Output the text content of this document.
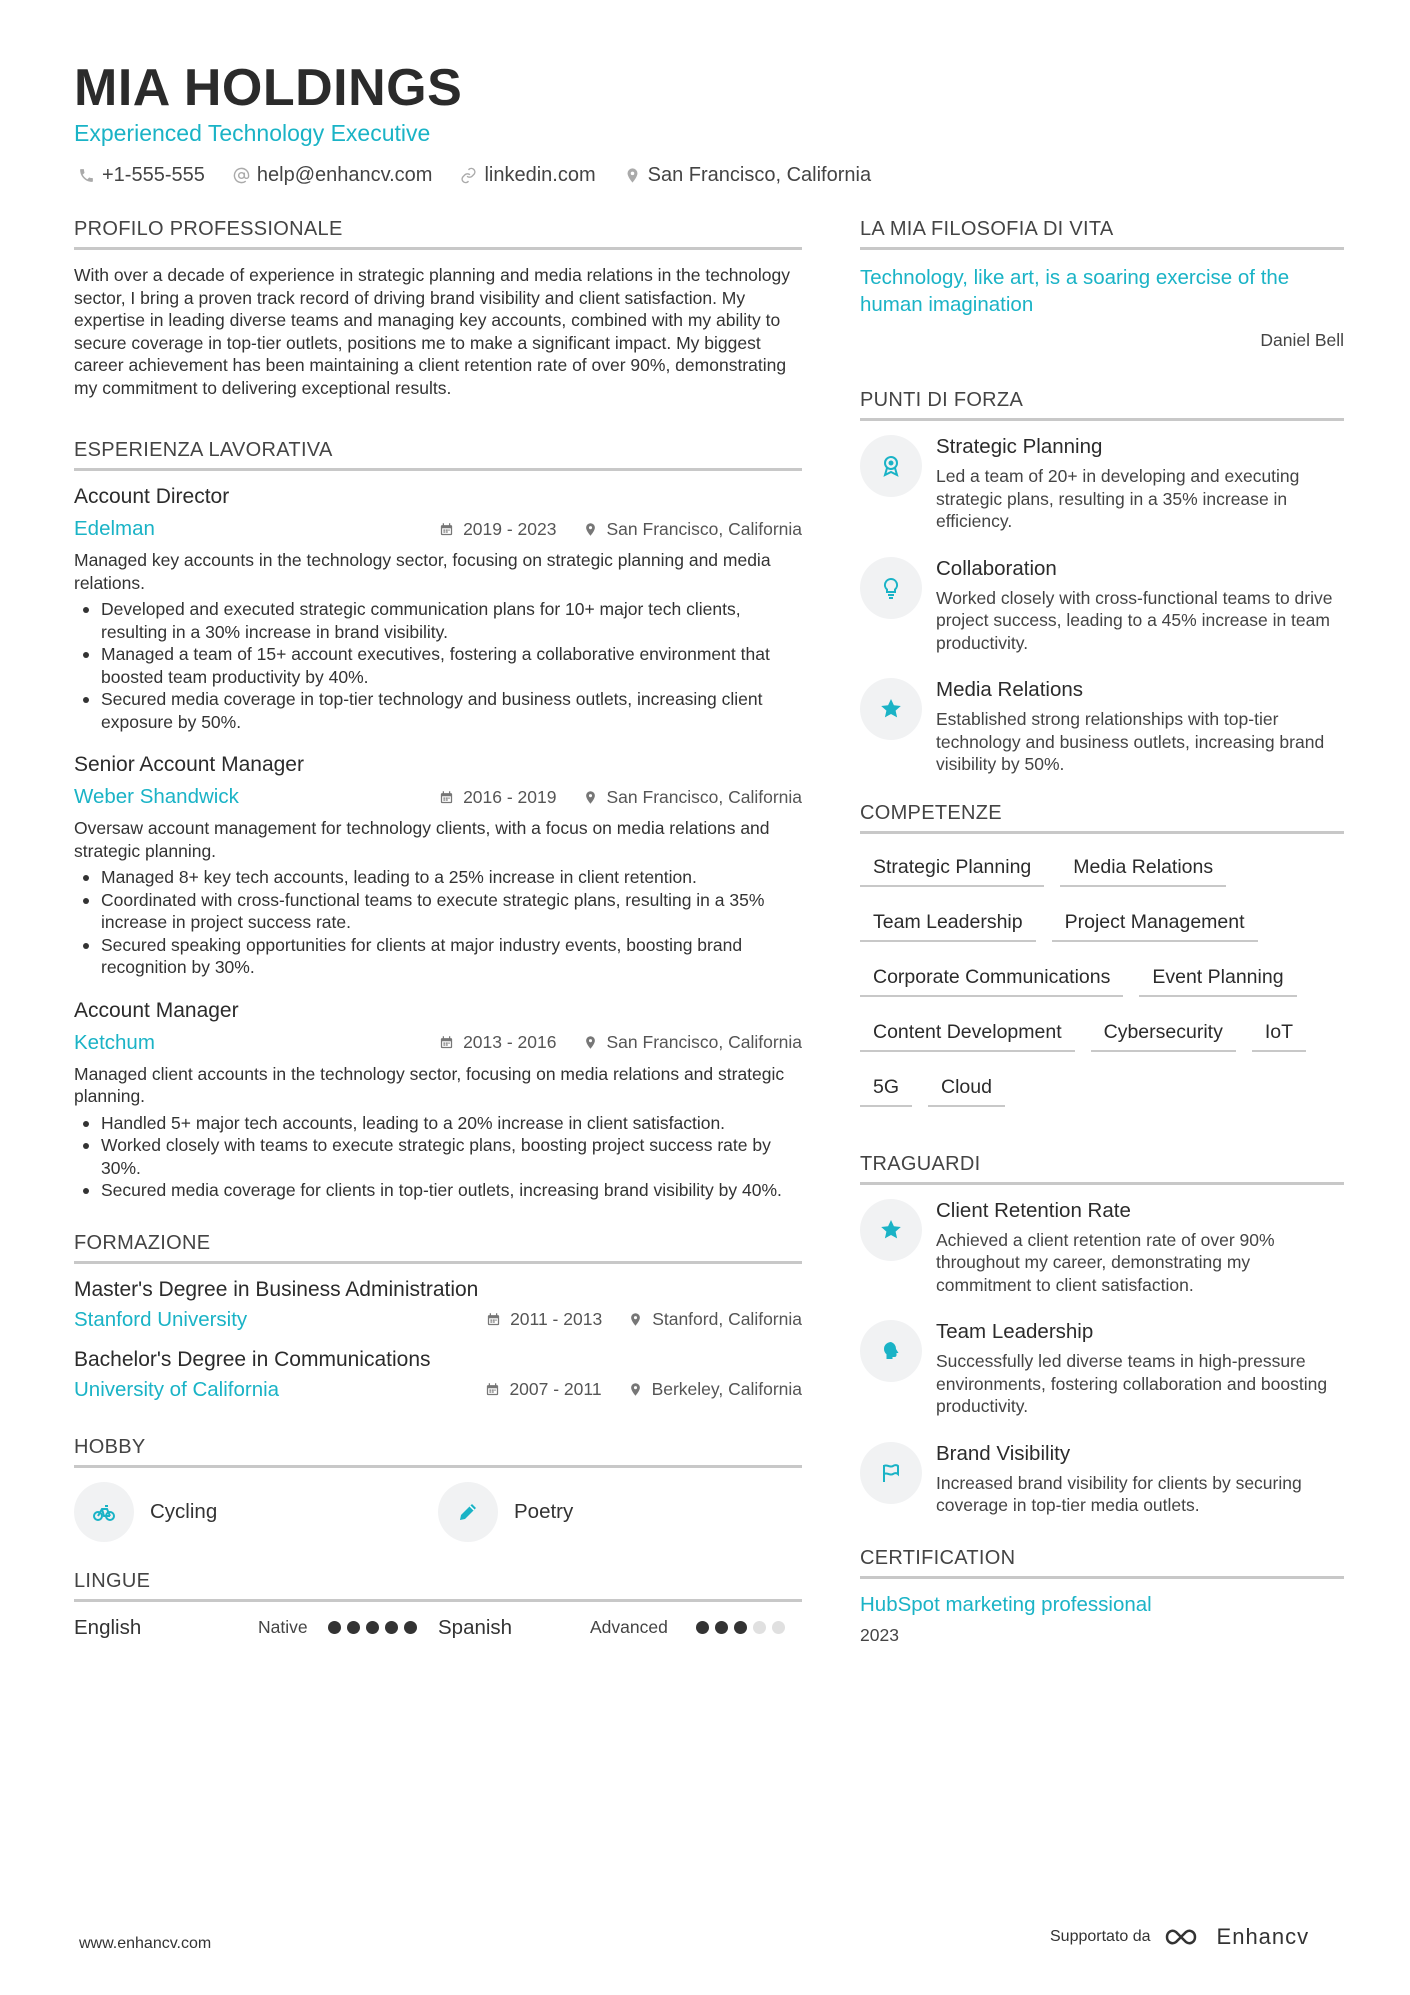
MIA HOLDINGS
Experienced Technology Executive
+1-555-555	help@enhancv.com	linkedin.com	San Francisco, California
PROFILO PROFESSIONALE
With over a decade of experience in strategic planning and media relations in the technology sector, I bring a proven track record of driving brand visibility and client satisfaction. My expertise in leading diverse teams and managing key accounts, combined with my ability to secure coverage in top-tier outlets, positions me to make a significant impact. My biggest career achievement has been maintaining a client retention rate of over 90%, demonstrating my commitment to delivering exceptional results.
ESPERIENZA LAVORATIVA
Account Director
Edelman	2019 - 2023	San Francisco, California
Managed key accounts in the technology sector, focusing on strategic planning and media relations.
Developed and executed strategic communication plans for 10+ major tech clients, resulting in a 30% increase in brand visibility.
Managed a team of 15+ account executives, fostering a collaborative environment that boosted team productivity by 40%.
Secured media coverage in top-tier technology and business outlets, increasing client exposure by 50%.
Senior Account Manager
Weber Shandwick	2016 - 2019	San Francisco, California
Oversaw account management for technology clients, with a focus on media relations and strategic planning.
Managed 8+ key tech accounts, leading to a 25% increase in client retention.
Coordinated with cross-functional teams to execute strategic plans, resulting in a 35% increase in project success rate.
Secured speaking opportunities for clients at major industry events, boosting brand recognition by 30%.
Account Manager
Ketchum	2013 - 2016	San Francisco, California
Managed client accounts in the technology sector, focusing on media relations and strategic planning.
Handled 5+ major tech accounts, leading to a 20% increase in client satisfaction.
Worked closely with teams to execute strategic plans, boosting project success rate by 30%.
Secured media coverage for clients in top-tier outlets, increasing brand visibility by 40%.
FORMAZIONE
Master's Degree in Business Administration
Stanford University	2011 - 2013	Stanford, California
Bachelor's Degree in Communications
University of California	2007 - 2011	Berkeley, California
HOBBY
Cycling	Poetry
LINGUE
English	Native	Spanish	Advanced
LA MIA FILOSOFIA DI VITA
Technology, like art, is a soaring exercise of the human imagination
Daniel Bell
PUNTI DI FORZA
Strategic Planning
Led a team of 20+ in developing and executing strategic plans, resulting in a 35% increase in efficiency.
Collaboration
Worked closely with cross-functional teams to drive project success, leading to a 45% increase in team productivity.
Media Relations
Established strong relationships with top-tier technology and business outlets, increasing brand visibility by 50%.
COMPETENZE
Strategic Planning	Media Relations
Team Leadership	Project Management
Corporate Communications	Event Planning
Content Development	Cybersecurity	IoT
5G	Cloud
TRAGUARDI
Client Retention Rate
Achieved a client retention rate of over 90% throughout my career, demonstrating my commitment to client satisfaction.
Team Leadership
Successfully led diverse teams in high-pressure environments, fostering collaboration and boosting productivity.
Brand Visibility
Increased brand visibility for clients by securing coverage in top-tier media outlets.
CERTIFICATION
HubSpot marketing professional
2023
www.enhancv.com	Supportato da	Enhancv
